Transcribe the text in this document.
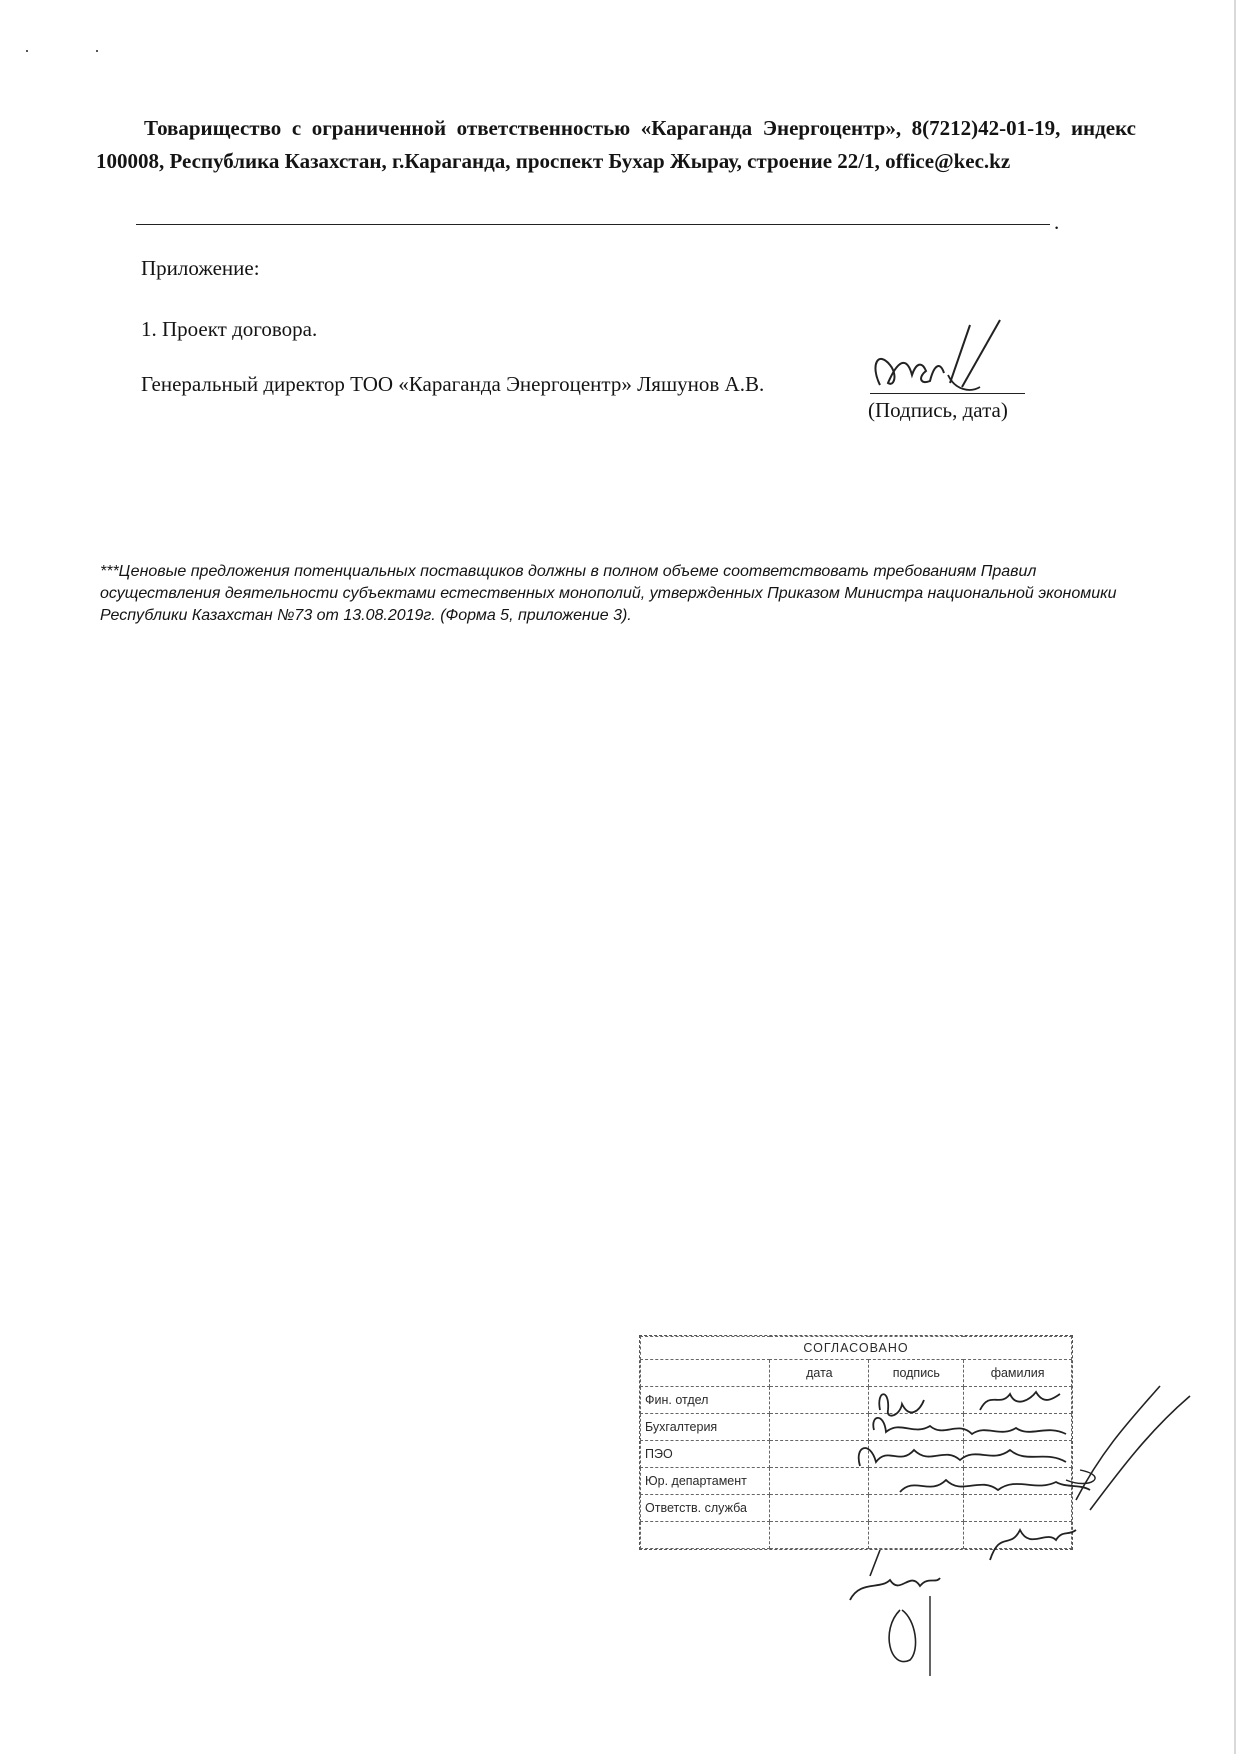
Товарищество с ограниченной ответственностью «Караганда Энергоцентр», 8(7212)42-01-19, индекс 100008, Республика Казахстан, г.Караганда, проспект Бухар Жырау, строение 22/1, office@kec.kz
.
Приложение:
1. Проект договора.
Генеральный директор ТОО «Караганда Энергоцентр» Ляшунов А.В.
(Подпись, дата)
***Ценовые предложения потенциальных поставщиков должны в полном объеме соответствовать требованиям Правил осуществления деятельности субъектами естественных монополий, утвержденных Приказом Министра национальной экономики Республики Казахстан №73 от 13.08.2019г. (Форма 5, приложение 3).
СОГЛАСОВАНО			
	дата	подпись	фамилия
Фин. отдел			
Бухгалтерия			
ПЭО			
Юр. департамент			
Ответств. служба			
